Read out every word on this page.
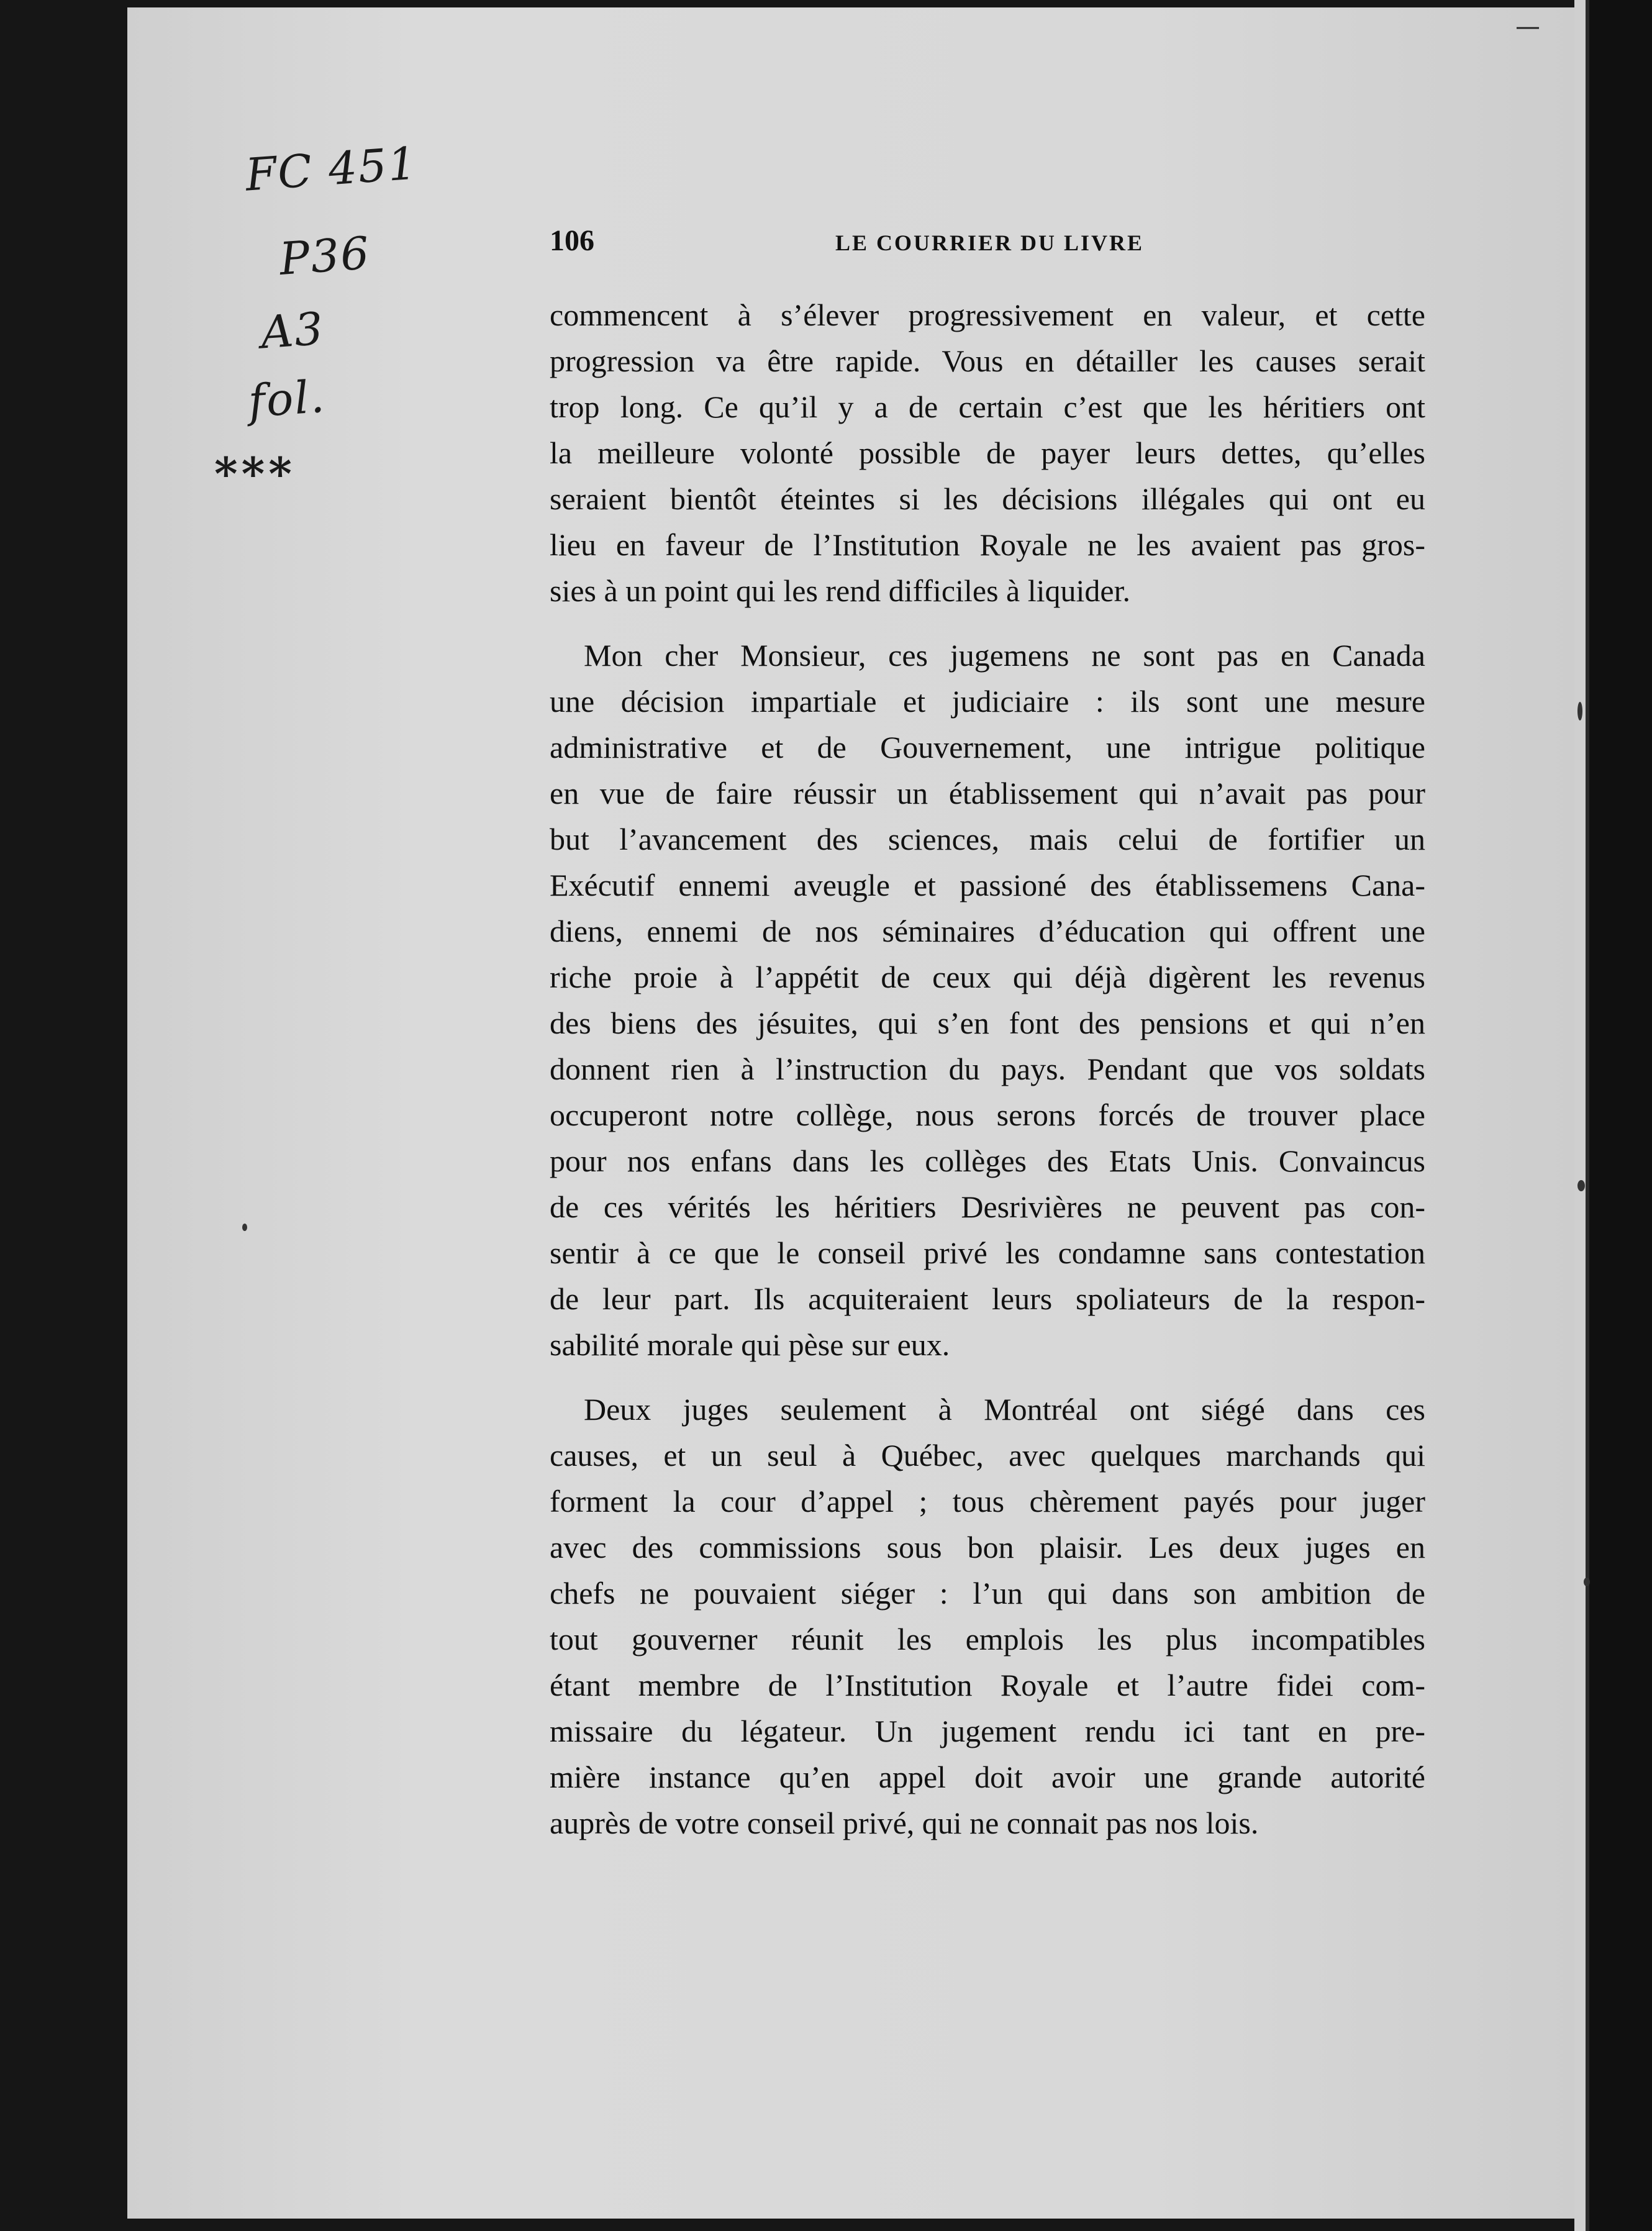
—

FC 451

P36

A3

fol.

***

106	LE COURRIER DU LIVRE
commencent à s’élever progressivement en valeur, et cette
progression va être rapide. Vous en détailler les causes serait
trop long. Ce qu’il y a de certain c’est que les héritiers ont
la meilleure volonté possible de payer leurs dettes, qu’elles
seraient bientôt éteintes si les décisions illégales qui ont eu
lieu en faveur de l’Institution Royale ne les avaient pas gros-
sies à un point qui les rend difficiles à liquider.
Mon cher Monsieur, ces jugemens ne sont pas en Canada
une décision impartiale et judiciaire : ils sont une mesure
administrative et de Gouvernement, une intrigue politique
en vue de faire réussir un établissement qui n’avait pas pour
but l’avancement des sciences, mais celui de fortifier un
Exécutif ennemi aveugle et passioné des établissemens Cana-
diens, ennemi de nos séminaires d’éducation qui offrent une
riche proie à l’appétit de ceux qui déjà digèrent les revenus
des biens des jésuites, qui s’en font des pensions et qui n’en
donnent rien à l’instruction du pays. Pendant que vos soldats
occuperont notre collège, nous serons forcés de trouver place
pour nos enfans dans les collèges des Etats Unis. Convaincus
de ces vérités les héritiers Desrivières ne peuvent pas con-
sentir à ce que le conseil privé les condamne sans contestation
de leur part. Ils acquiteraient leurs spoliateurs de la respon-
sabilité morale qui pèse sur eux.
Deux juges seulement à Montréal ont siégé dans ces
causes, et un seul à Québec, avec quelques marchands qui
forment la cour d’appel ; tous chèrement payés pour juger
avec des commissions sous bon plaisir. Les deux juges en
chefs ne pouvaient siéger : l’un qui dans son ambition de
tout gouverner réunit les emplois les plus incompatibles
étant membre de l’Institution Royale et l’autre fidei com-
missaire du légateur. Un jugement rendu ici tant en pre-
mière instance qu’en appel doit avoir une grande autorité
auprès de votre conseil privé, qui ne connait pas nos lois.
